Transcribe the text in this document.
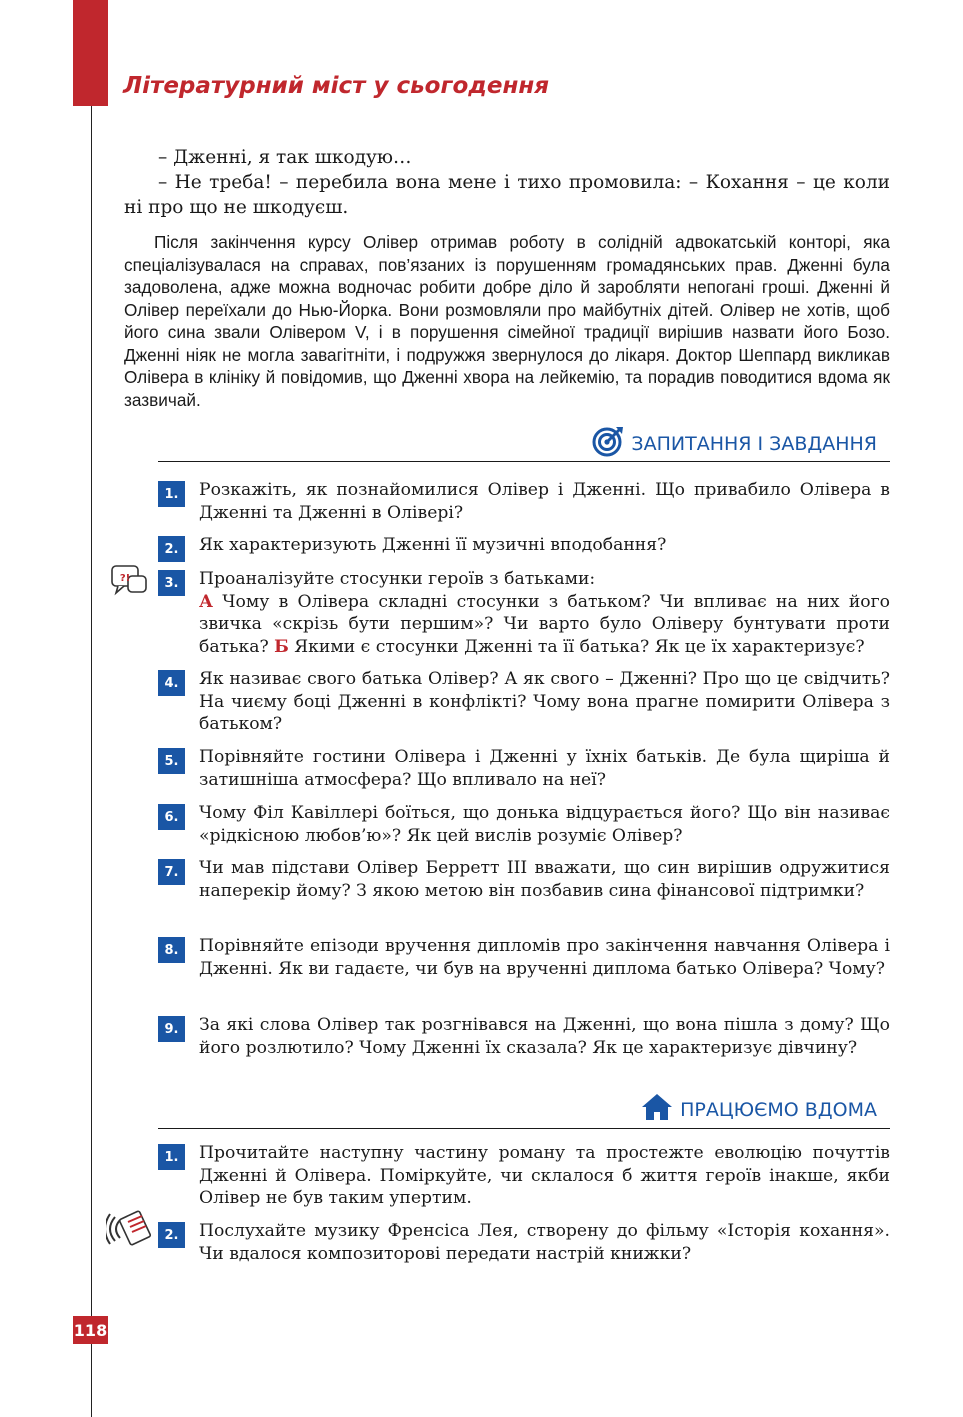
Літературний міст у сьогодення

– Дженні, я так шкодую…

– Не треба! – перебила вона мене і тихо промовила: – Кохання – це коли ні про що не шкодуєш.

Після закінчення курсу Олівер отримав роботу в солідній адвокатській конторі, яка спеціалізувалася на справах, пов’язаних із порушенням громадянських прав. Дженні була задоволена, адже можна водночас робити добре діло й заробляти непогані гроші. Дженні й Олівер переїхали до Нью-Йорка. Вони розмовляли про майбутніх дітей. Олівер не хотів, щоб його сина звали Олівером V, і в порушення сімейної традиції вирішив назвати його Бозо. Дженні ніяк не могла завагітніти, і подружжя звернулося до лікаря. Доктор Шеппард викликав Олівера в клініку й повідомив, що Дженні хвора на лейкемію, та порадив поводитися вдома як зазвичай.

ЗАПИТАННЯ І ЗАВДАННЯ
1.	Розкажіть, як познайомилися Олівер і Дженні. Що привабило Олівера в Дженні та Дженні в Олівері?
2.	Як характеризують Дженні її музичні вподобання?
?!	3.	Проаналізуйте стосунки героїв з батьками:
А Чому в Олівера складні стосунки з батьком? Чи впливає на них його звичка «скрізь бути першим»? Чи варто було Оліверу бунтувати проти батька? Б Якими є стосунки Дженні та її батька? Як це їх характеризує?
4.	Як називає свого батька Олівер? А як свого – Дженні? Про що це свідчить? На чиєму боці Дженні в конфлікті? Чому вона прагне помирити Олівера з батьком?
5.	Порівняйте гостини Олівера і Дженні у їхніх батьків. Де була щиріша й затишніша атмосфера? Що впливало на неї?
6.	Чому Філ Кавіллері боїться, що донька відцурається його? Що він називає «рідкісною любов’ю»? Як цей вислів розуміє Олівер?
7.	Чи мав підстави Олівер Берретт ІІІ вважати, що син вирішив одружитися наперекір йому? З якою метою він позбавив сина фінансової підтримки?
8.	Порівняйте епізоди вручення дипломів про закінчення навчання Олівера і Дженні. Як ви гадаєте, чи був на врученні диплома батько Олівера? Чому?
9.	За які слова Олівер так розгнівався на Дженні, що вона пішла з дому? Що його розлютило? Чому Дженні їх сказала? Як це характеризує дівчину?
ПРАЦЮЄМО ВДОМА
1.	Прочитайте наступну частину роману та простежте еволюцію почуттів Дженні й Олівера. Поміркуйте, чи склалося б життя героїв інакше, якби Олівер не був таким упертим.
2.	Послухайте музику Френсіса Лея, створену до фільму «Історія кохання». Чи вдалося композиторові передати настрій книжки?
118
